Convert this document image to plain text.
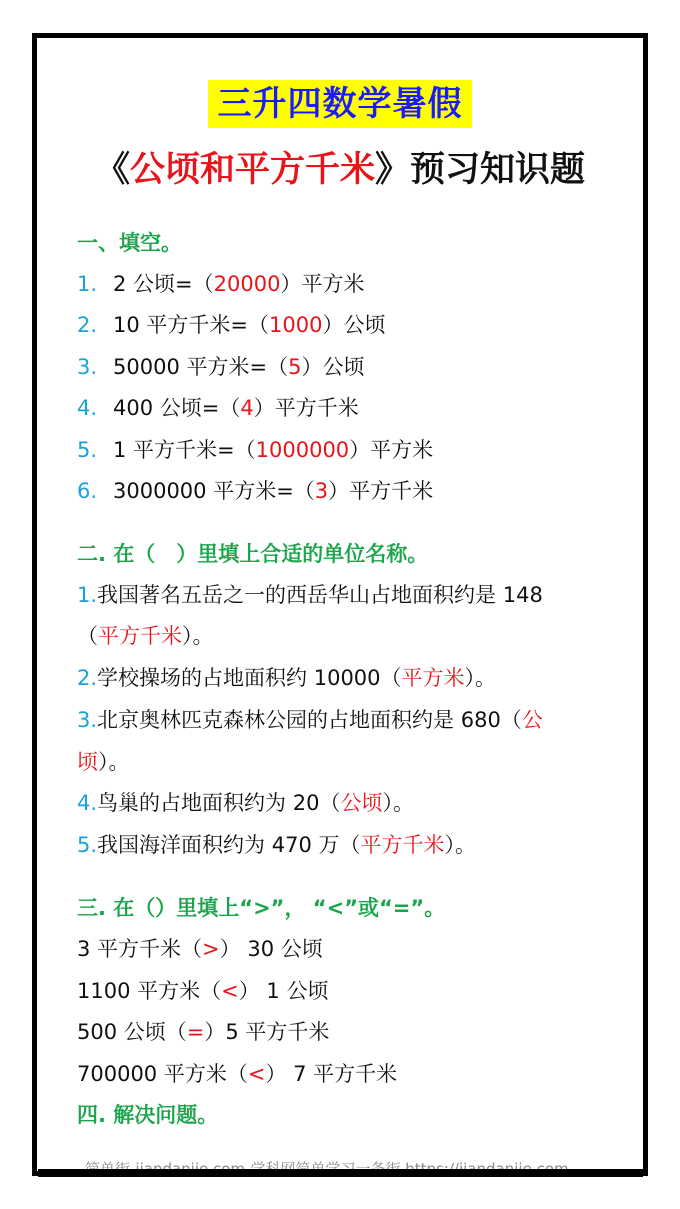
三升四数学暑假
《公顷和平方千米》预习知识题
一、填空。
1. 2 公顷=（20000）平方米
2. 10 平方千米=（1000）公顷
3. 50000 平方米=（5）公顷
4. 400 公顷=（4）平方千米
5. 1 平方千米=（1000000）平方米
6. 3000000 平方米=（3）平方千米
二. 在（　）里填上合适的单位名称。
1.我国著名五岳之一的西岳华山占地面积约是 148
（平方千米）。
2.学校操场的占地面积约 10000（平方米）。
3.北京奥林匹克森林公园的占地面积约是 680（公
顷）。
4.鸟巢的占地面积约为 20（公顷）。
5.我国海洋面积约为 470 万（平方千米）。
三. 在（）里填上“>”， “<”或“=”。
3 平方千米（>） 30 公顷
1100 平方米（<） 1 公顷
500 公顷（=）5 平方千米
700000 平方米（<） 7 平方千米
四. 解决问题。
